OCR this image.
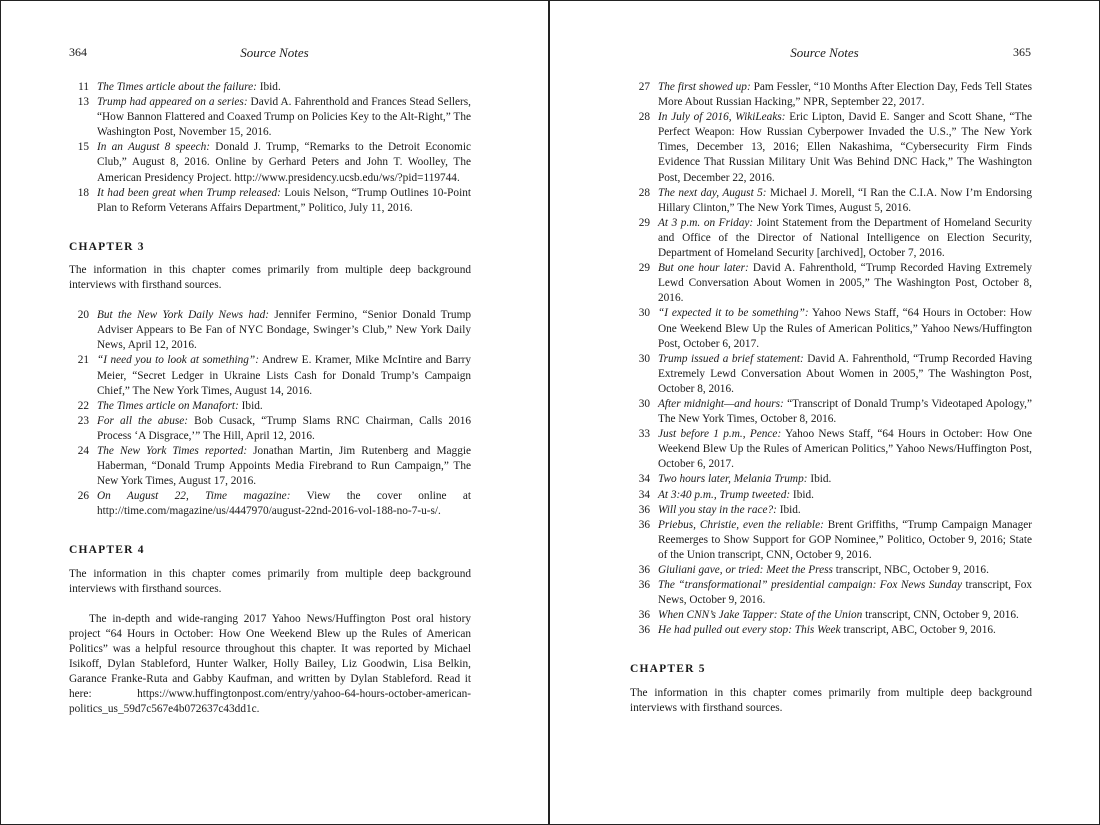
364	Source Notes
11 The Times article about the failure: Ibid.
13 Trump had appeared on a series: David A. Fahrenthold and Frances Stead Sellers, “How Bannon Flattered and Coaxed Trump on Policies Key to the Alt-Right,” The Washington Post, November 15, 2016.
15 In an August 8 speech: Donald J. Trump, “Remarks to the Detroit Economic Club,” August 8, 2016. Online by Gerhard Peters and John T. Woolley, The American Presidency Project. http://www.presidency.ucsb.edu/ws/?pid=119744.
18 It had been great when Trump released: Louis Nelson, “Trump Outlines 10-Point Plan to Reform Veterans Affairs Department,” Politico, July 11, 2016.
CHAPTER 3
The information in this chapter comes primarily from multiple deep background interviews with firsthand sources.
20 But the New York Daily News had: Jennifer Fermino, “Senior Donald Trump Adviser Appears to Be Fan of NYC Bondage, Swinger’s Club,” New York Daily News, April 12, 2016.
21 “I need you to look at something”: Andrew E. Kramer, Mike McIntire and Barry Meier, “Secret Ledger in Ukraine Lists Cash for Donald Trump’s Campaign Chief,” The New York Times, August 14, 2016.
22 The Times article on Manafort: Ibid.
23 For all the abuse: Bob Cusack, “Trump Slams RNC Chairman, Calls 2016 Process ‘A Disgrace,’” The Hill, April 12, 2016.
24 The New York Times reported: Jonathan Martin, Jim Rutenberg and Maggie Haberman, “Donald Trump Appoints Media Firebrand to Run Campaign,” The New York Times, August 17, 2016.
26 On August 22, Time magazine: View the cover online at http://time.com/magazine/us/4447970/august-22nd-2016-vol-188-no-7-u-s/.
CHAPTER 4
The information in this chapter comes primarily from multiple deep background interviews with firsthand sources.
The in-depth and wide-ranging 2017 Yahoo News/Huffington Post oral history project “64 Hours in October: How One Weekend Blew up the Rules of American Politics” was a helpful resource throughout this chapter. It was reported by Michael Isikoff, Dylan Stableford, Hunter Walker, Holly Bailey, Liz Goodwin, Lisa Belkin, Garance Franke-Ruta and Gabby Kaufman, and written by Dylan Stableford. Read it here: https://www.huffingtonpost.com/entry/yahoo-64-hours-october-american-politics_us_59d7c567e4b072637c43dd1c.
Source Notes	365
27 The first showed up: Pam Fessler, “10 Months After Election Day, Feds Tell States More About Russian Hacking,” NPR, September 22, 2017.
28 In July of 2016, WikiLeaks: Eric Lipton, David E. Sanger and Scott Shane, “The Perfect Weapon: How Russian Cyberpower Invaded the U.S.,” The New York Times, December 13, 2016; Ellen Nakashima, “Cybersecurity Firm Finds Evidence That Russian Military Unit Was Behind DNC Hack,” The Washington Post, December 22, 2016.
28 The next day, August 5: Michael J. Morell, “I Ran the C.I.A. Now I’m Endorsing Hillary Clinton,” The New York Times, August 5, 2016.
29 At 3 p.m. on Friday: Joint Statement from the Department of Homeland Security and Office of the Director of National Intelligence on Election Security, Department of Homeland Security [archived], October 7, 2016.
29 But one hour later: David A. Fahrenthold, “Trump Recorded Having Extremely Lewd Conversation About Women in 2005,” The Washington Post, October 8, 2016.
30 “I expected it to be something”: Yahoo News Staff, “64 Hours in October: How One Weekend Blew Up the Rules of American Politics,” Yahoo News/Huffington Post, October 6, 2017.
30 Trump issued a brief statement: David A. Fahrenthold, “Trump Recorded Having Extremely Lewd Conversation About Women in 2005,” The Washington Post, October 8, 2016.
30 After midnight—and hours: “Transcript of Donald Trump’s Videotaped Apology,” The New York Times, October 8, 2016.
33 Just before 1 p.m., Pence: Yahoo News Staff, “64 Hours in October: How One Weekend Blew Up the Rules of American Politics,” Yahoo News/Huffington Post, October 6, 2017.
34 Two hours later, Melania Trump: Ibid.
34 At 3:40 p.m., Trump tweeted: Ibid.
36 Will you stay in the race?: Ibid.
36 Priebus, Christie, even the reliable: Brent Griffiths, “Trump Campaign Manager Reemerges to Show Support for GOP Nominee,” Politico, October 9, 2016; State of the Union transcript, CNN, October 9, 2016.
36 Giuliani gave, or tried: Meet the Press transcript, NBC, October 9, 2016.
36 The “transformational” presidential campaign: Fox News Sunday transcript, Fox News, October 9, 2016.
36 When CNN’s Jake Tapper: State of the Union transcript, CNN, October 9, 2016.
36 He had pulled out every stop: This Week transcript, ABC, October 9, 2016.
CHAPTER 5
The information in this chapter comes primarily from multiple deep background interviews with firsthand sources.
